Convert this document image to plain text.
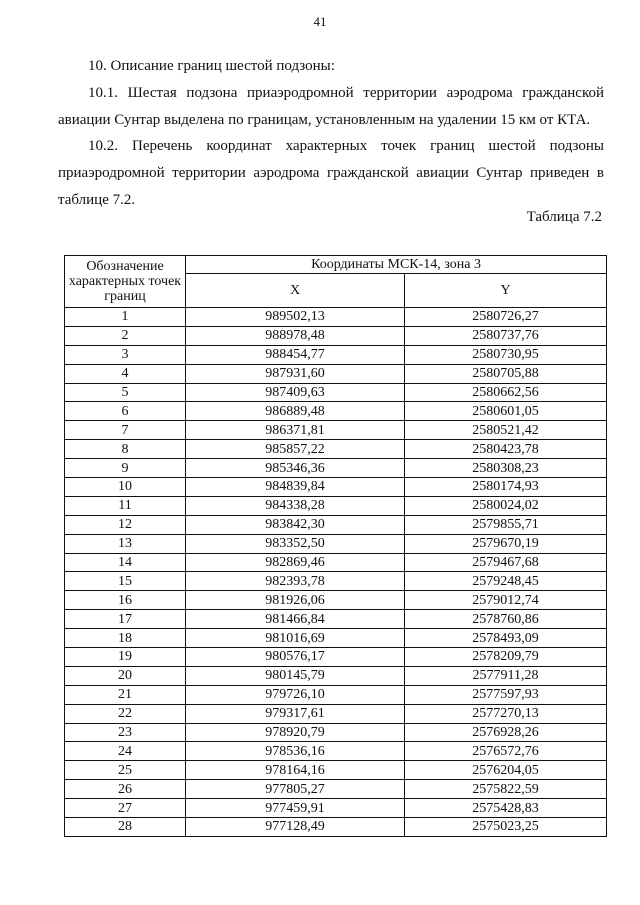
41
10. Описание границ шестой подзоны:
10.1. Шестая подзона приаэродромной территории аэродрома гражданской
авиации Сунтар выделена по границам, установленным на удалении 15 км от КТА.
10.2. Перечень координат характерных точек границ шестой подзоны
приаэродромной территории аэродрома гражданской авиации Сунтар приведен в
таблице 7.2.
Таблица 7.2
Обозначение характерных точек границ	Координаты МСК-14, зона 3	
	X	Y
1	989502,13	2580726,27
2	988978,48	2580737,76
3	988454,77	2580730,95
4	987931,60	2580705,88
5	987409,63	2580662,56
6	986889,48	2580601,05
7	986371,81	2580521,42
8	985857,22	2580423,78
9	985346,36	2580308,23
10	984839,84	2580174,93
11	984338,28	2580024,02
12	983842,30	2579855,71
13	983352,50	2579670,19
14	982869,46	2579467,68
15	982393,78	2579248,45
16	981926,06	2579012,74
17	981466,84	2578760,86
18	981016,69	2578493,09
19	980576,17	2578209,79
20	980145,79	2577911,28
21	979726,10	2577597,93
22	979317,61	2577270,13
23	978920,79	2576928,26
24	978536,16	2576572,76
25	978164,16	2576204,05
26	977805,27	2575822,59
27	977459,91	2575428,83
28	977128,49	2575023,25
